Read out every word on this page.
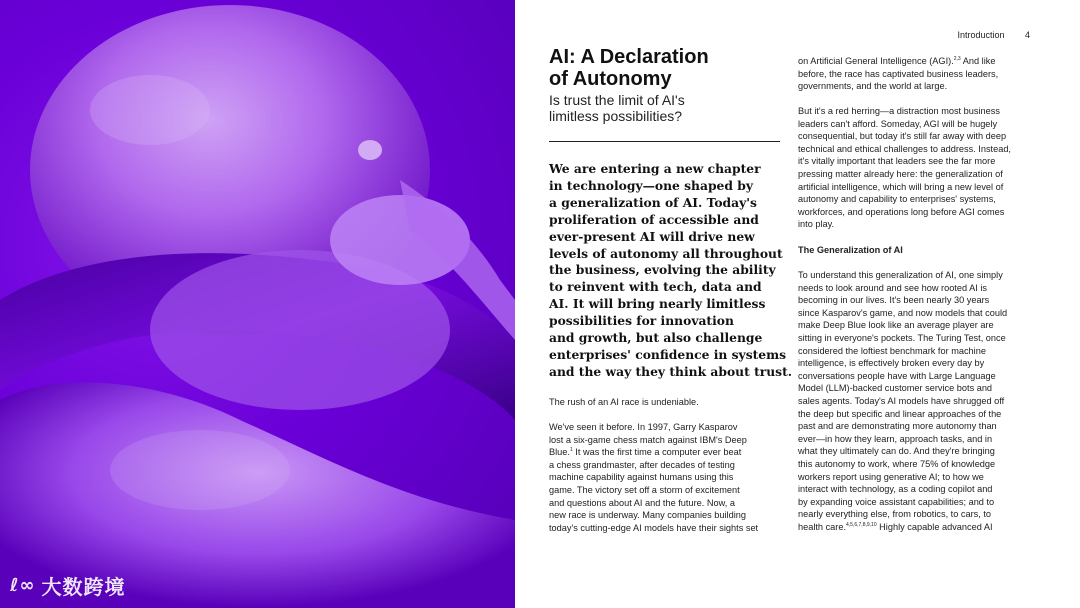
ℓ∞ 大数跨境
Introduction 4
AI: A Declaration
of Autonomy
Is trust the limit of AI's
limitless possibilities?
We are entering a new chapter
in technology—one shaped by
a generalization of AI. Today's
proliferation of accessible and
ever-present AI will drive new
levels of autonomy all throughout
the business, evolving the ability
to reinvent with tech, data and
AI. It will bring nearly limitless
possibilities for innovation
and growth, but also challenge
enterprises' confidence in systems
and the way they think about trust.
The rush of an AI race is undeniable.
We've seen it before. In 1997, Garry Kasparov
lost a six-game chess match against IBM's Deep
Blue.$^1$ It was the first time a computer ever beat
a chess grandmaster, after decades of testing
machine capability against humans using this
game. The victory set off a storm of excitement
and questions about AI and the future. Now, a
new race is underway. Many companies building
today's cutting-edge AI models have their sights set
on Artificial General Intelligence (AGI).$^{2,3}$ And like
before, the race has captivated business leaders,
governments, and the world at large.
But it's a red herring—a distraction most business
leaders can't afford. Someday, AGI will be hugely
consequential, but today it's still far away with deep
technical and ethical challenges to address. Instead,
it's vitally important that leaders see the far more
pressing matter already here: the generalization of
artificial intelligence, which will bring a new level of
autonomy and capability to enterprises' systems,
workforces, and operations long before AGI comes
into play.
The Generalization of AI
To understand this generalization of AI, one simply
needs to look around and see how rooted AI is
becoming in our lives. It's been nearly 30 years
since Kasparov's game, and now models that could
make Deep Blue look like an average player are
sitting in everyone's pockets. The Turing Test, once
considered the loftiest benchmark for machine
intelligence, is effectively broken every day by
conversations people have with Large Language
Model (LLM)-backed customer service bots and
sales agents. Today's AI models have shrugged off
the deep but specific and linear approaches of the
past and are demonstrating more autonomy than
ever—in how they learn, approach tasks, and in
what they ultimately can do. And they're bringing
this autonomy to work, where 75% of knowledge
workers report using generative AI; to how we
interact with technology, as a coding copilot and
by expanding voice assistant capabilities; and to
nearly everything else, from robotics, to cars, to
health care.$^{4,5,6,7,8,9,10}$ Highly capable advanced AI
